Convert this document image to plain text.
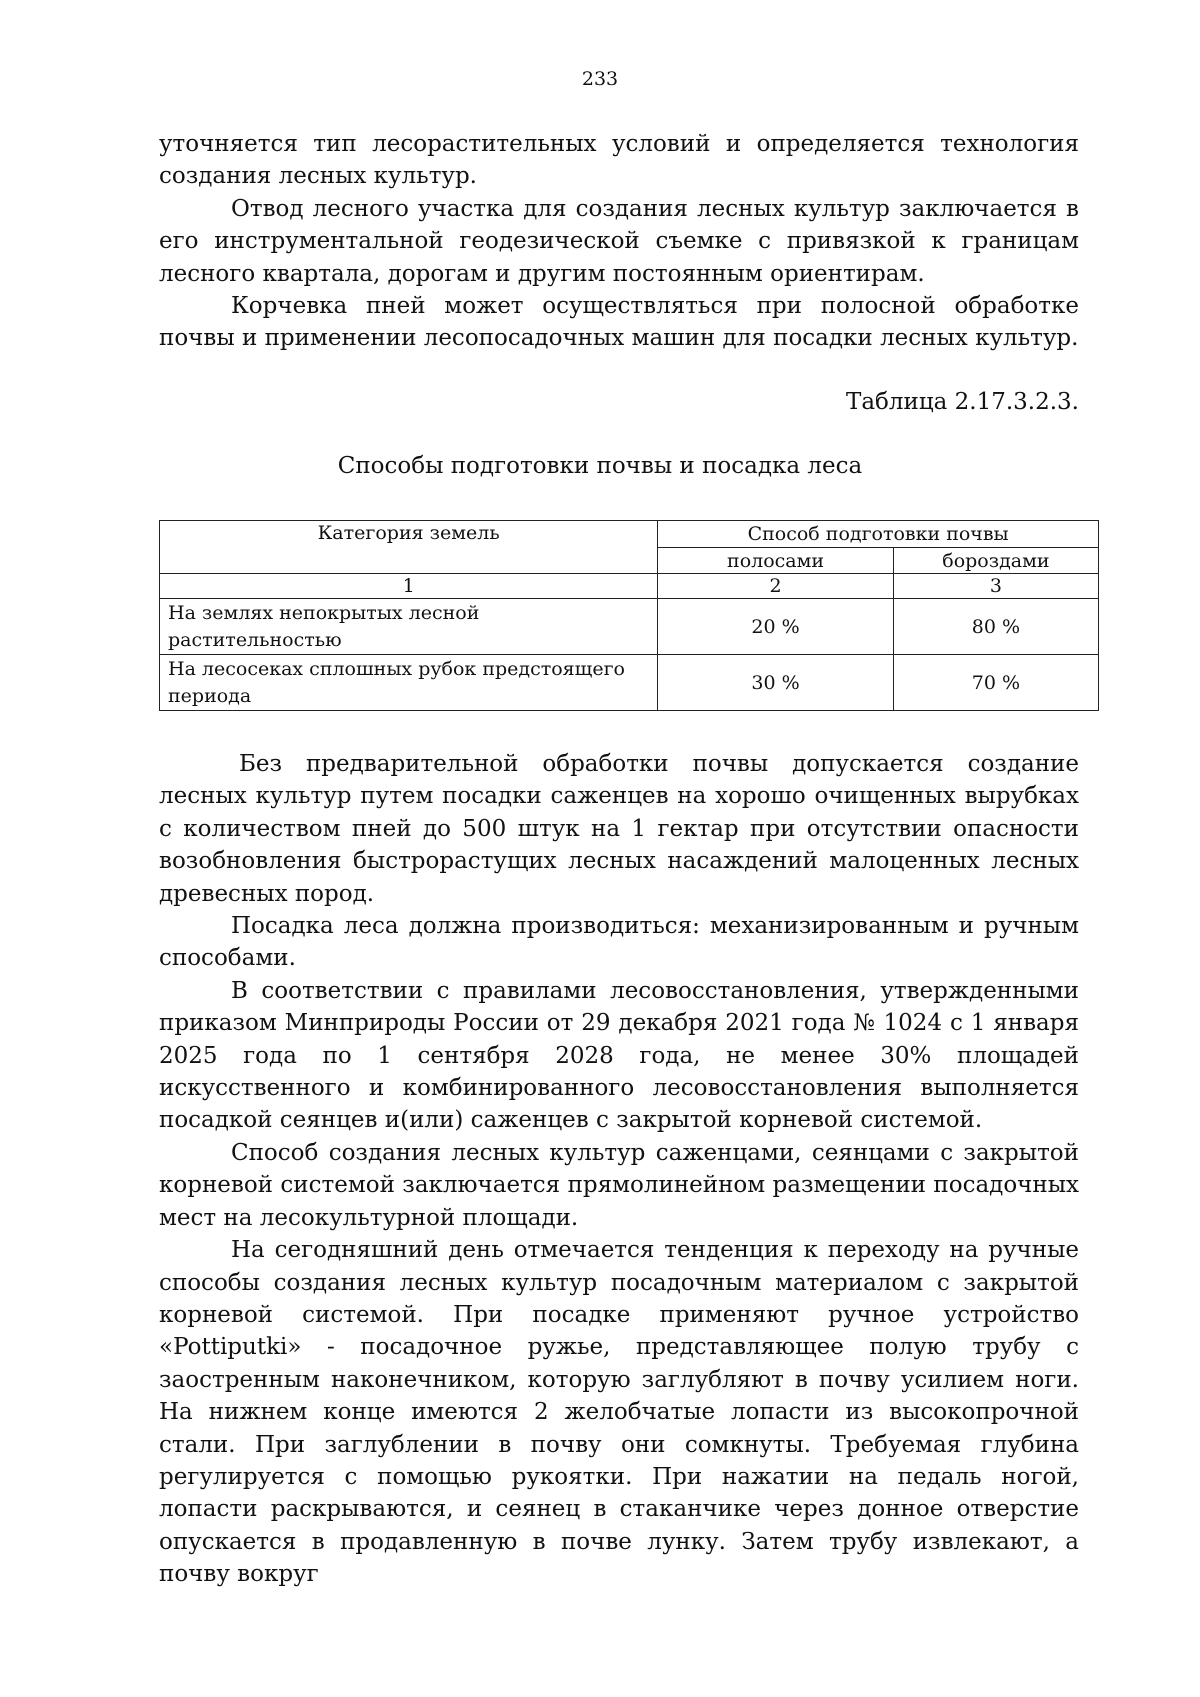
233

уточняется тип лесорастительных условий и определяется технология создания лесных культур.

Отвод лесного участка для создания лесных культур заключается в его инструментальной геодезической съемке с привязкой к границам лесного квартала, дорогам и другим постоянным ориентирам.

Корчевка пней может осуществляться при полосной обработке почвы и применении лесопосадочных машин для посадки лесных культур.

Таблица 2.17.3.2.3.
Способы подготовки почвы и посадка леса
Категория земель	Способ подготовки почвы	
	полосами	бороздами
1	2	3
На землях непокрытых лесной растительностью	20 %	80 %
На лесосеках сплошных рубок предстоящего периода	30 %	70 %

Без предварительной обработки почвы допускается создание лесных культур путем посадки саженцев на хорошо очищенных вырубках с количеством пней до 500 штук на 1 гектар при отсутствии опасности возобновления быстрорастущих лесных насаждений малоценных лесных древесных пород.

Посадка леса должна производиться: механизированным и ручным способами.

В соответствии с правилами лесовосстановления, утвержденными приказом Минприроды России от 29 декабря 2021 года № 1024 с 1 января 2025 года по 1 сентября 2028 года, не менее 30% площадей искусственного и комбинированного лесовосстановления выполняется посадкой сеянцев и(или) саженцев с закрытой корневой системой.

Способ создания лесных культур саженцами, сеянцами с закрытой корневой системой заключается прямолинейном размещении посадочных мест на лесокультурной площади.

На сегодняшний день отмечается тенденция к переходу на ручные способы создания лесных культур посадочным материалом с закрытой корневой системой. При посадке применяют ручное устройство «Pottiputki» - посадочное ружье, представляющее полую трубу с заостренным наконечником, которую заглубляют в почву усилием ноги. На нижнем конце имеются 2 желобчатые лопасти из высокопрочной стали. При заглублении в почву они сомкнуты. Требуемая глубина регулируется с помощью рукоятки. При нажатии на педаль ногой, лопасти раскрываются, и сеянец в стаканчике через донное отверстие опускается в продавленную в почве лунку. Затем трубу извлекают, а почву вокруг
